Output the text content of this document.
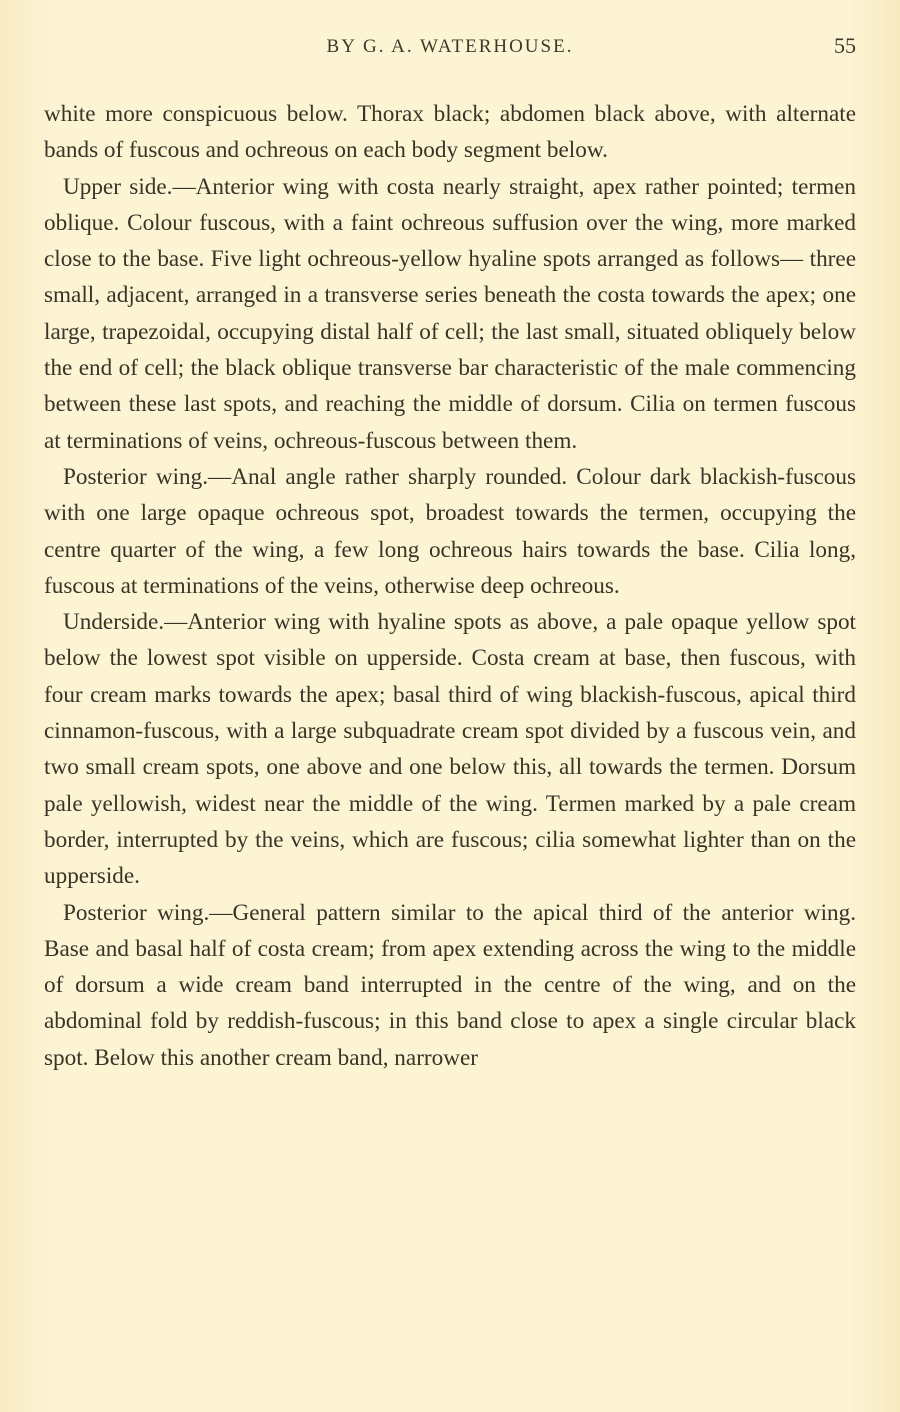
BY G. A. WATERHOUSE.	55

white more conspicuous below. Thorax black; abdomen black above, with alternate bands of fuscous and ochreous on each body segment below.

Upper side.—Anterior wing with costa nearly straight, apex rather pointed; termen oblique. Colour fuscous, with a faint ochreous suffusion over the wing, more marked close to the base. Five light ochreous-yellow hyaline spots arranged as follows— three small, adjacent, arranged in a transverse series beneath the costa towards the apex; one large, trapezoidal, occupying distal half of cell; the last small, situated obliquely below the end of cell; the black oblique transverse bar characteristic of the male commencing between these last spots, and reaching the middle of dorsum. Cilia on termen fuscous at terminations of veins, ochreous-fuscous between them.

Posterior wing.—Anal angle rather sharply rounded. Colour dark blackish-fuscous with one large opaque ochreous spot, broadest towards the termen, occupying the centre quarter of the wing, a few long ochreous hairs towards the base. Cilia long, fuscous at terminations of the veins, otherwise deep ochreous.

Underside.—Anterior wing with hyaline spots as above, a pale opaque yellow spot below the lowest spot visible on upperside. Costa cream at base, then fuscous, with four cream marks towards the apex; basal third of wing blackish-fuscous, apical third cinnamon-fuscous, with a large subquadrate cream spot divided by a fuscous vein, and two small cream spots, one above and one below this, all towards the termen. Dorsum pale yellowish, widest near the middle of the wing. Termen marked by a pale cream border, interrupted by the veins, which are fuscous; cilia somewhat lighter than on the upperside.

Posterior wing.—General pattern similar to the apical third of the anterior wing. Base and basal half of costa cream; from apex extending across the wing to the middle of dorsum a wide cream band interrupted in the centre of the wing, and on the abdominal fold by reddish-fuscous; in this band close to apex a single circular black spot. Below this another cream band, narrower
